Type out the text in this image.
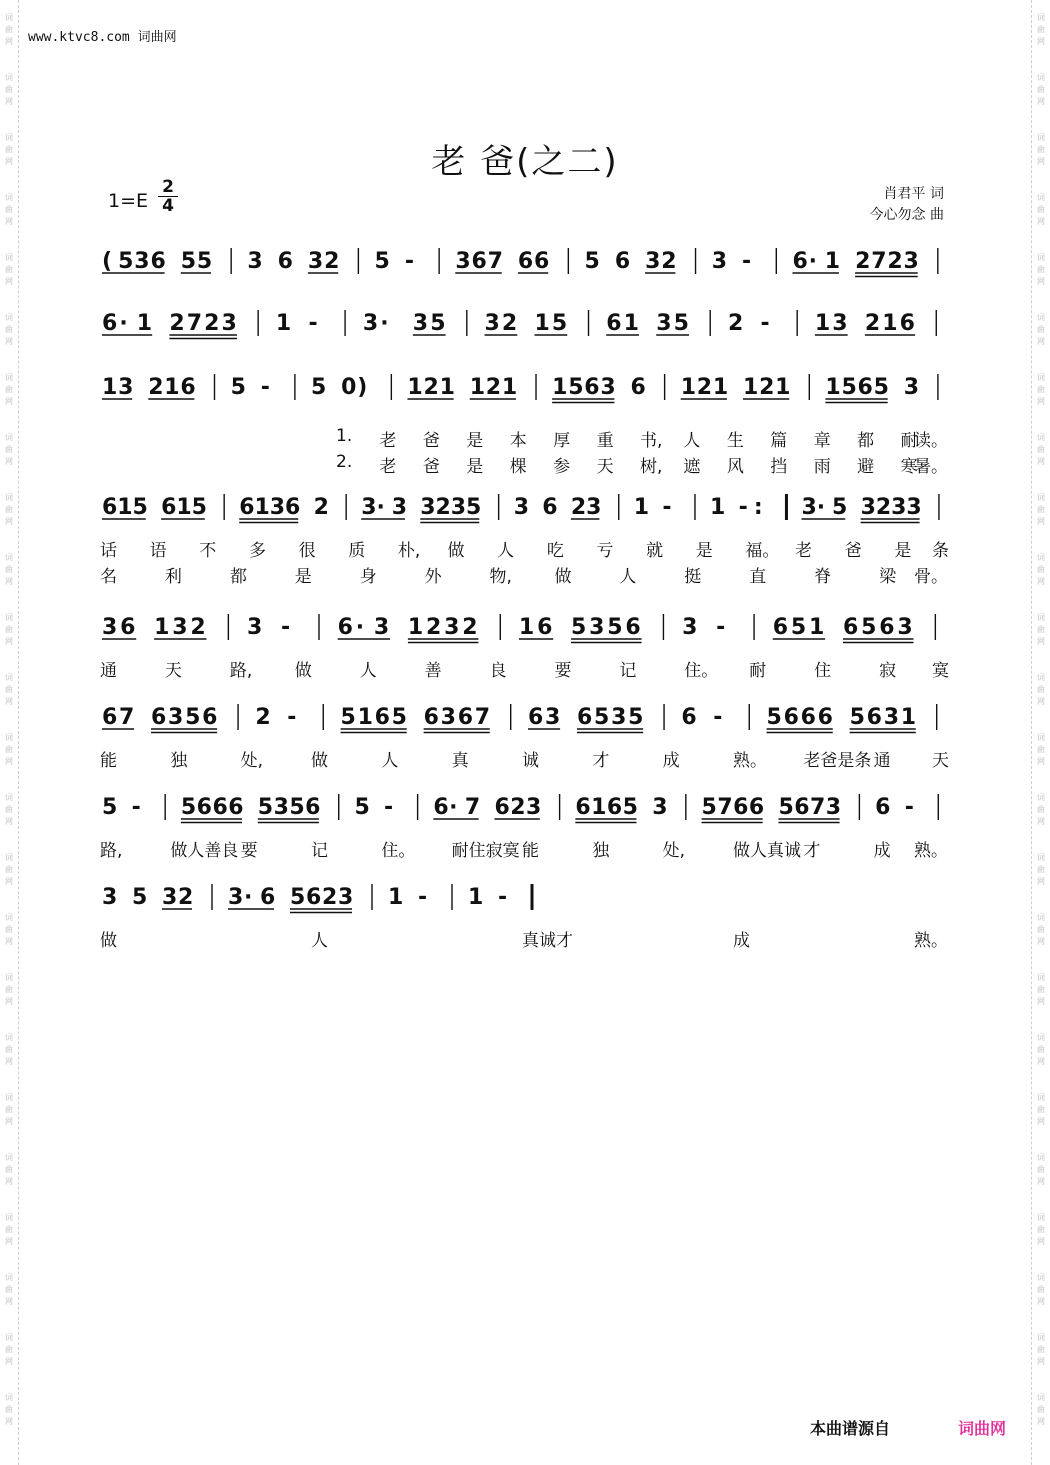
词
曲
网
词
曲
网
词
曲
网
词
曲
网
词
曲
网
词
曲
网
词
曲
网
词
曲
网
词
曲
网
词
曲
网
词
曲
网
词
曲
网
词
曲
网
词
曲
网
词
曲
网
词
曲
网
词
曲
网
词
曲
网
词
曲
网
词
曲
网
词
曲
网
词
曲
网
词
曲
网
词
曲
网
词
曲
网
词
曲
网
词
曲
网
词
曲
网
词
曲
网
词
曲
网
词
曲
网
词
曲
网
词
曲
网
词
曲
网
词
曲
网
词
曲
网
词
曲
网
词
曲
网
词
曲
网
词
曲
网
词
曲
网
词
曲
网
词
曲
网
词
曲
网
词
曲
网
词
曲
网
词
曲
网
词
曲
网
www.ktvc8.com 词曲网
老 爸(之二)
1=E
2
4
肖君平 词
今心勿念 曲
( 5 3 6 5 5 3 6 3 2 5 - 3 6 7 6 6 5 6 3 2 3 - 6 · 1 2 7 2 3
1. 老 爸 是 本 厚 重 书, 人 生 篇 章 都 耐
读。
2. 老 爸 是 棵 参 天 树, 遮 风 挡 雨 避 寒
暑。
6 · 1 2 7 2 3 1 - 3 · 3 5 3 2 1 5 6 1 3 5 2 - 1 3 2 1 6
1 3 2 1 6 5 - 5 0 ) 1 2 1 1 2 1 1 5 6 3 6 1 2 1 1 2 1 1 5 6 5 3
6 1 5 6 1 5 6 1 3 6 2 3 · 3 3 2 3 5 3 6 2 3 1 - 1 - : 3 · 5 3 2 3 3
话 语 不 多 很 质 朴, 做 人 吃 亏 就 是 福。 老 爸 是 条
名	利	都	是	身	外	物,	做	人	挺	直	脊	梁 骨。
3 6 1 3 2 3 - 6 · 3 1 2 3 2 1 6 5 3 5 6 3 - 6 5 1 6 5 6 3
通	天	路,	做	人	善	良	要	记	住。 耐	住	寂 寞
6 7 6 3 5 6 2 - 5 1 6 5 6 3 6 7 6 3 6 5 3 5 6 - 5 6 6 6 5 6 3 1
能	独	处,	做	人	真	诚	才	成	熟。 老爸是条 通 天
5 - 5 6 6 6 5 3 5 6 5 - 6 · 7 6 2 3 6 1 6 5 3 5 7 6 6 5 6 7 3 6 -
路,	做人善良 要	记	住。 耐住寂寞 能	独	处,	做人真诚 才	成 熟。
3 5 3 2 3 · 6 5 6 2 3 1 - 1 -
做	人	真诚才	成	熟。
本曲谱源自	词曲网
